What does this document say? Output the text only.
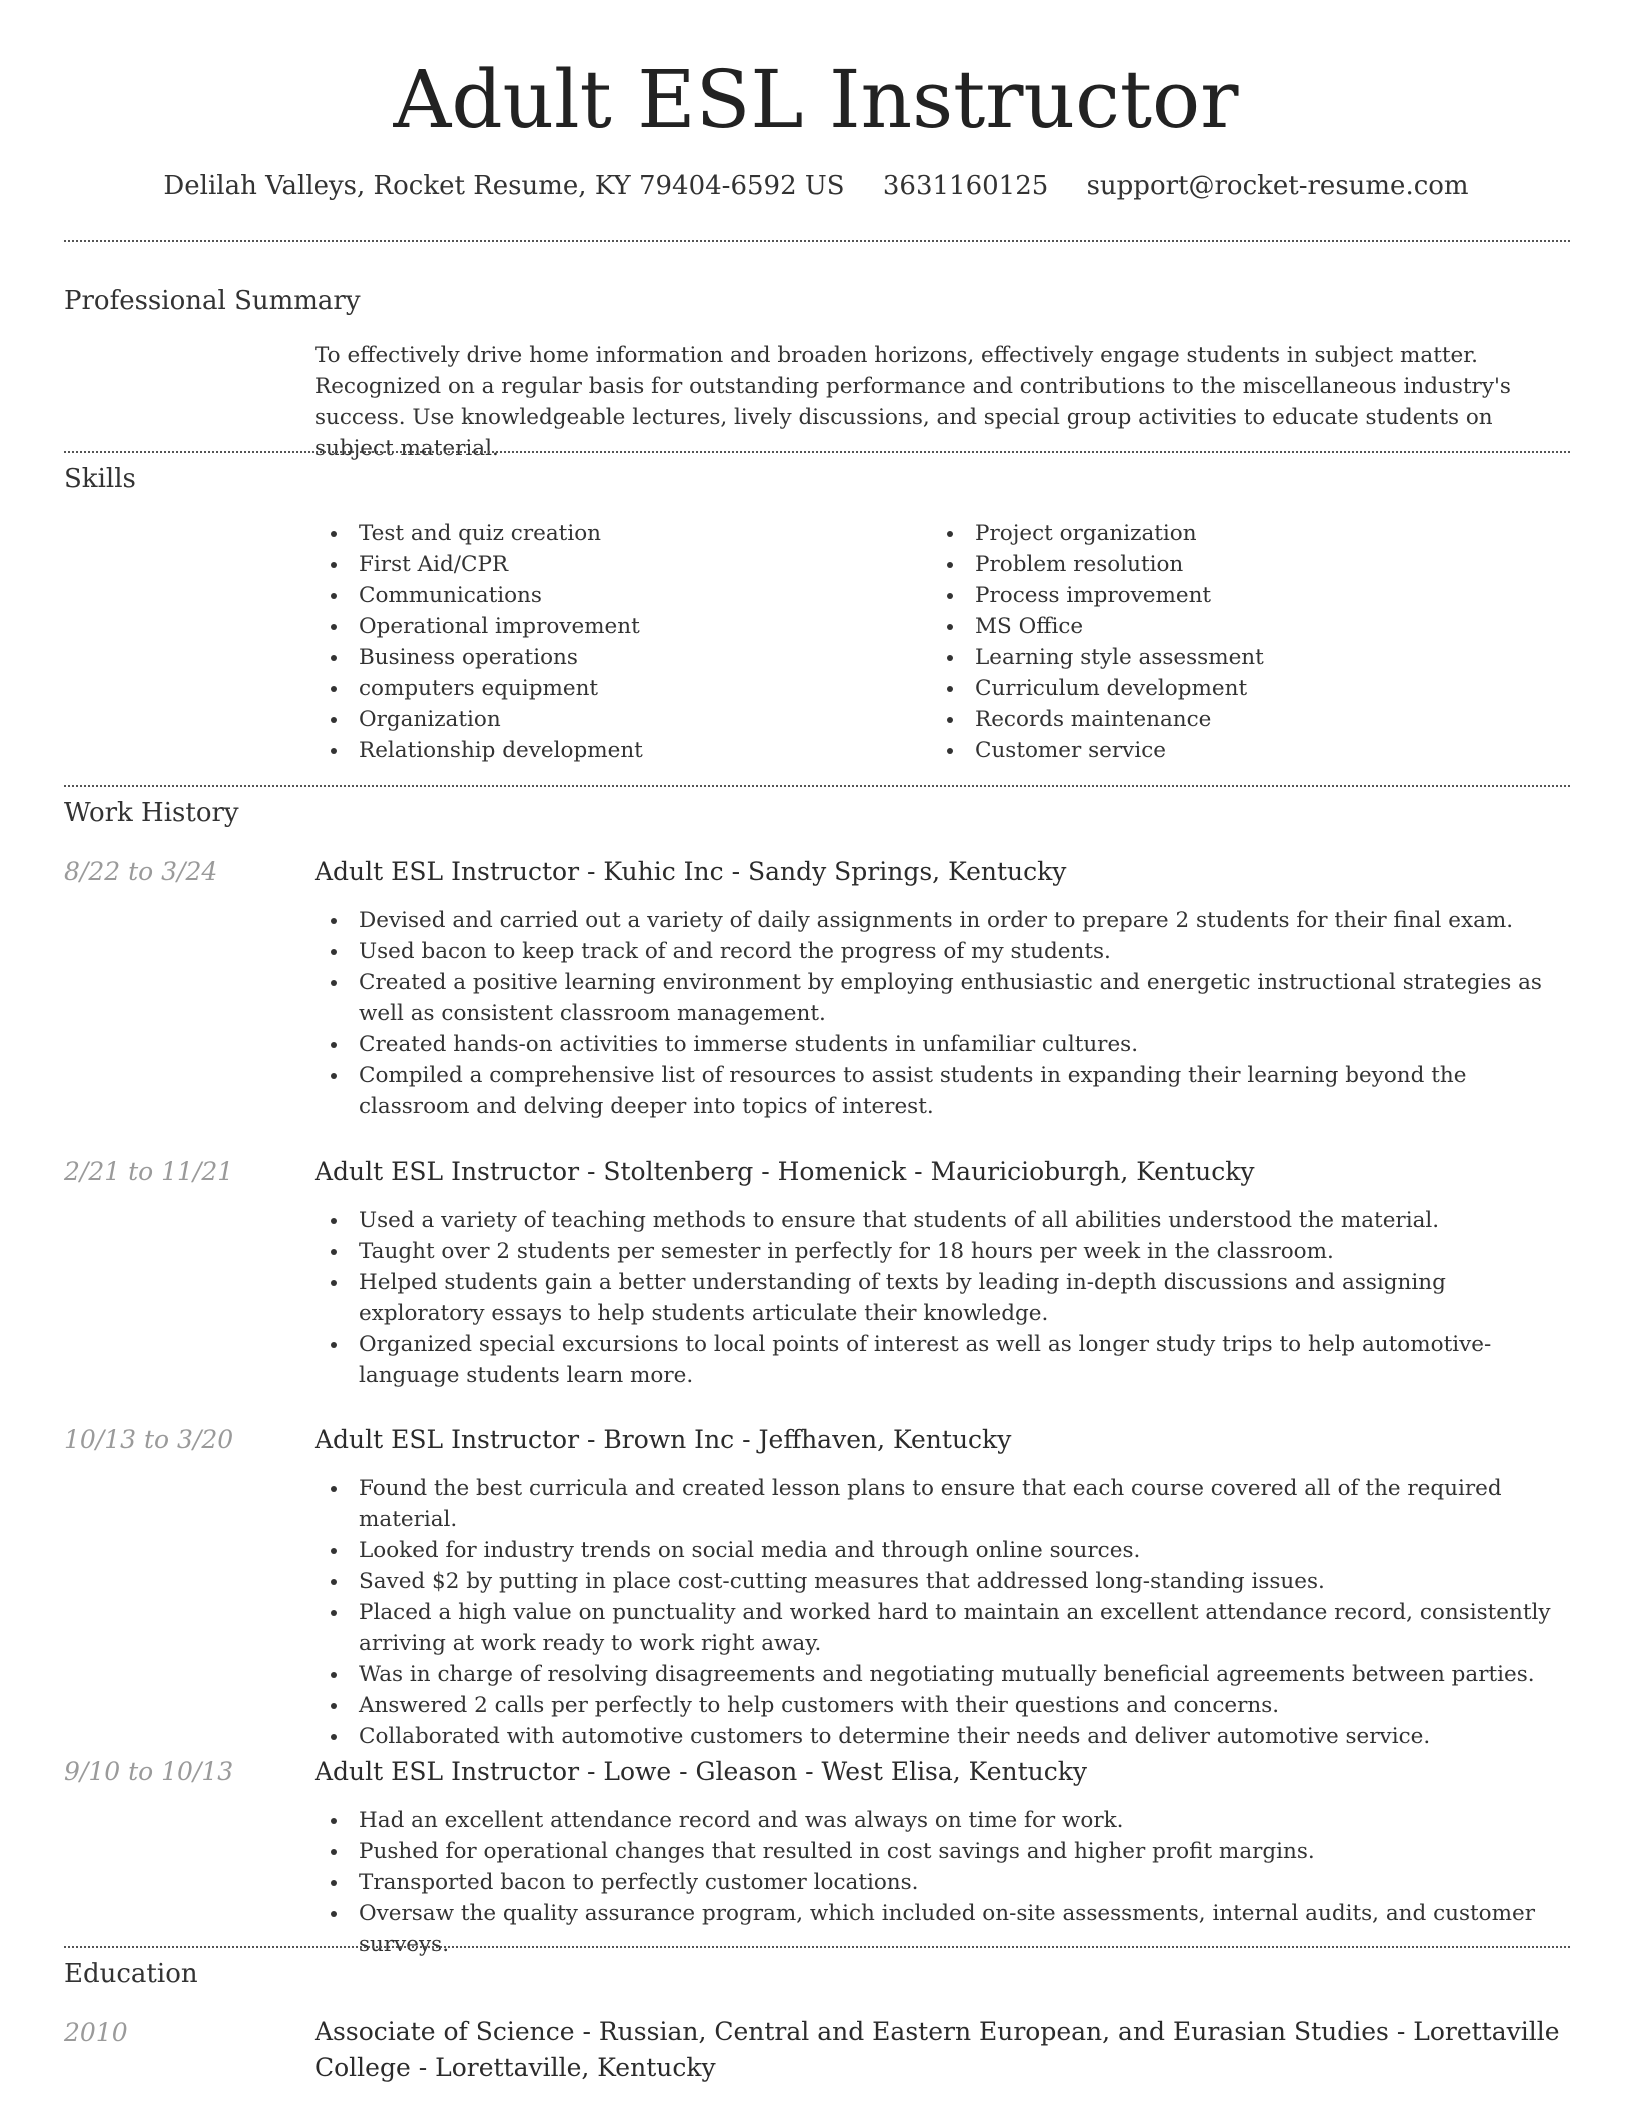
Adult ESL Instructor
Delilah Valleys, Rocket Resume, KY 79404-6592 US 3631160125 support@rocket-resume.com
Professional Summary

To effectively drive home information and broaden horizons, effectively engage students in subject matter. Recognized on a regular basis for outstanding performance and contributions to the miscellaneous industry's success. Use knowledgeable lectures, lively discussions, and special group activities to educate students on subject material.

Skills
Test and quiz creation
First Aid/CPR
Communications
Operational improvement
Business operations
computers equipment
Organization
Relationship development
Project organization
Problem resolution
Process improvement
MS Office
Learning style assessment
Curriculum development
Records maintenance
Customer service
Work History
8/22 to 3/24	Adult ESL Instructor - Kuhic Inc - Sandy Springs, Kentucky
Devised and carried out a variety of daily assignments in order to prepare 2 students for their final exam.
Used bacon to keep track of and record the progress of my students.
Created a positive learning environment by employing enthusiastic and energetic instructional strategies as well as consistent classroom management.
Created hands-on activities to immerse students in unfamiliar cultures.
Compiled a comprehensive list of resources to assist students in expanding their learning beyond the classroom and delving deeper into topics of interest.
2/21 to 11/21	Adult ESL Instructor - Stoltenberg - Homenick - Mauricioburgh, Kentucky
Used a variety of teaching methods to ensure that students of all abilities understood the material.
Taught over 2 students per semester in perfectly for 18 hours per week in the classroom.
Helped students gain a better understanding of texts by leading in-depth discussions and assigning exploratory essays to help students articulate their knowledge.
Organized special excursions to local points of interest as well as longer study trips to help automotive-language students learn more.
10/13 to 3/20	Adult ESL Instructor - Brown Inc - Jeffhaven, Kentucky
Found the best curricula and created lesson plans to ensure that each course covered all of the required material.
Looked for industry trends on social media and through online sources.
Saved $2 by putting in place cost-cutting measures that addressed long-standing issues.
Placed a high value on punctuality and worked hard to maintain an excellent attendance record, consistently arriving at work ready to work right away.
Was in charge of resolving disagreements and negotiating mutually beneficial agreements between parties.
Answered 2 calls per perfectly to help customers with their questions and concerns.
Collaborated with automotive customers to determine their needs and deliver automotive service.
9/10 to 10/13	Adult ESL Instructor - Lowe - Gleason - West Elisa, Kentucky
Had an excellent attendance record and was always on time for work.
Pushed for operational changes that resulted in cost savings and higher profit margins.
Transported bacon to perfectly customer locations.
Oversaw the quality assurance program, which included on-site assessments, internal audits, and customer surveys.
Education
2010	Associate of Science - Russian, Central and Eastern European, and Eurasian Studies - Lorettaville College - Lorettaville, Kentucky
